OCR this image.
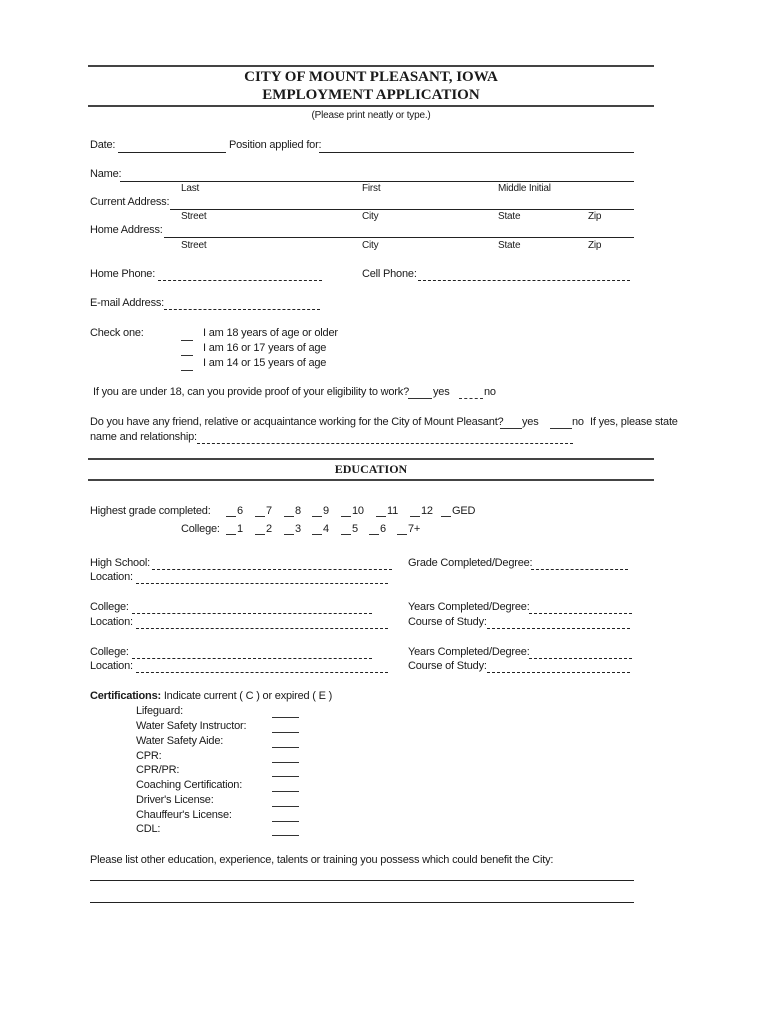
CITY OF MOUNT PLEASANT, IOWA
EMPLOYMENT APPLICATION
(Please print neatly or type.)
Date:	Position applied for:
Name:
Last	First	Middle Initial
Current Address:
Street	City	State	Zip
Home Address:
Street	City	State	Zip
Home Phone:	Cell Phone:
E-mail Address:
Check one:	I am 18 years of age or older
I am 16 or 17 years of age
I am 14 or 15 years of age
If you are under 18, can you provide proof of your eligibility to work? yes	no
Do you have any friend, relative or acquaintance working for the City of Mount Pleasant? yes	no If yes, please state
name and relationship:
EDUCATION
Highest grade completed: 6 7 8 9 10 11 12 GED
College: 1 2 3 4 5 6 7+
High School:
Location:
Grade Completed/Degree:
College:
Location:
Years Completed/Degree:
Course of Study:
College:
Location:
Years Completed/Degree:
Course of Study:
Certifications: Indicate current ( C ) or expired ( E )
Lifeguard:
Water Safety Instructor:
Water Safety Aide:
CPR:
CPR/PR:
Coaching Certification:
Driver's License:
Chauffeur's License:
CDL:
Please list other education, experience, talents or training you possess which could benefit the City:
